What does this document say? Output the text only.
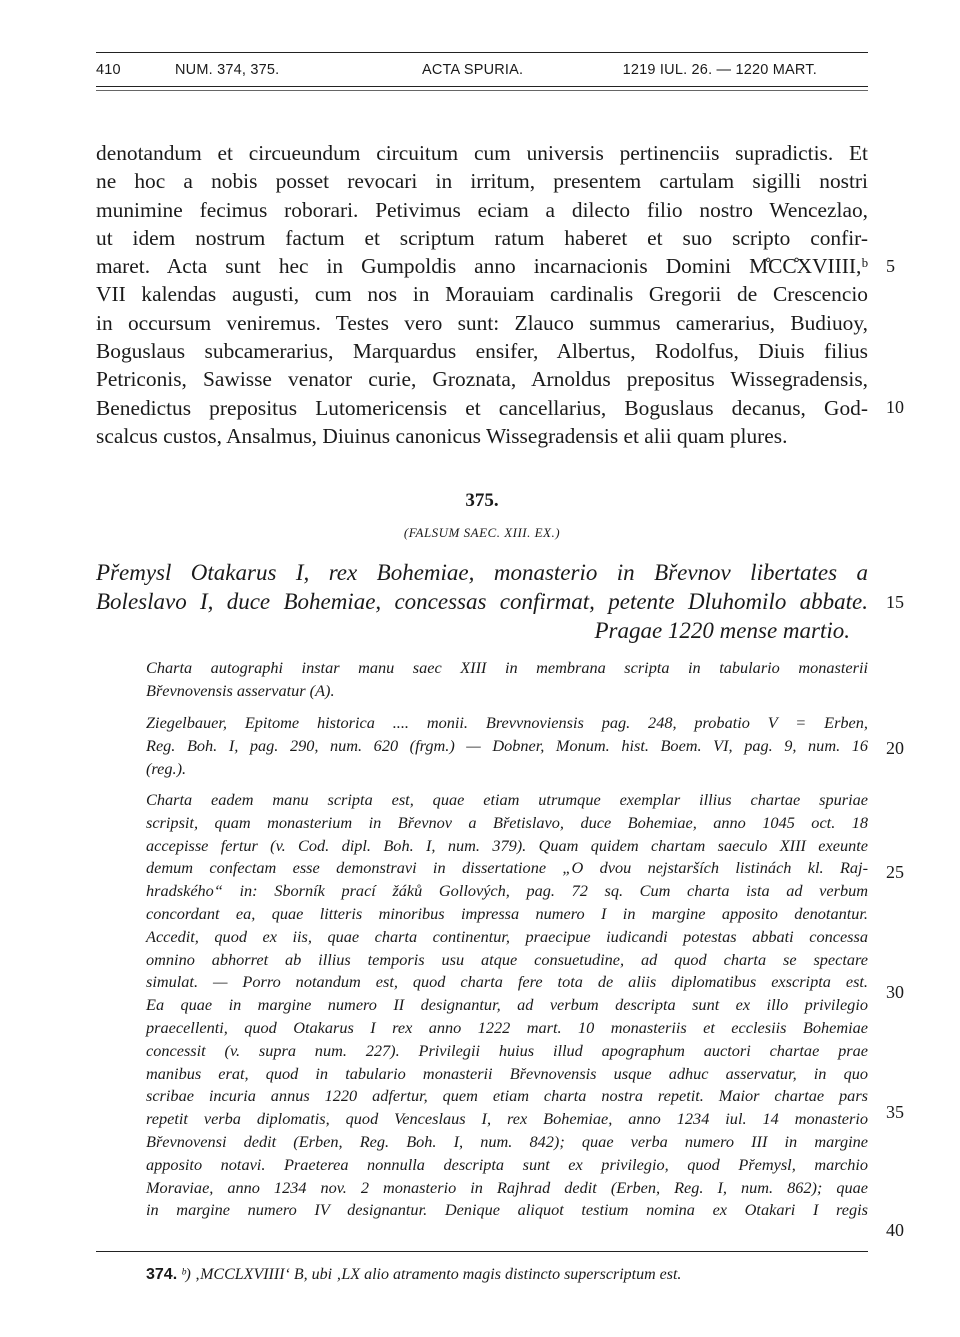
410	NUM. 374, 375.	ACTA SPURIA.	1219 IUL. 26. — 1220 MART.
denotandum et circueundum circuitum cum universis pertinenciis supradictis. Et
ne hoc a nobis posset revocari in irritum, presentem cartulam sigilli nostri
munimine fecimus roborari. Petivimus eciam a dilecto filio nostro Wencezlao,
ut idem nostrum factum et scriptum ratum haberet et suo scripto confir-
maret. Acta sunt hec in Gumpoldis anno incarnacionis Domini M̊CC̊XVIIII,ᵇ
VII kalendas augusti, cum nos in Morauiam cardinalis Gregorii de Crescencio
in occursum veniremus. Testes vero sunt: Zlauco summus camerarius, Budiuoy,
Boguslaus subcamerarius, Marquardus ensifer, Albertus, Rodolfus, Diuis filius
Petriconis, Sawisse venator curie, Groznata, Arnoldus prepositus Wissegradensis,
Benedictus prepositus Lutomericensis et cancellarius, Boguslaus decanus, God-
scalcus custos, Ansalmus, Diuinus canonicus Wissegradensis et alii quam plures.
5
10
375.
(FALSUM SAEC. XIII. EX.)
Přemysl Otakarus I, rex Bohemiae, monasterio in Břevnov libertates a
Boleslavo I, duce Bohemiae, concessas confirmat, petente Dluhomilo abbate.
Pragae 1220 mense martio.
15
Charta autographi instar manu saec XIII in membrana scripta in tabulario monasterii
Břevnovensis asservatur (A).
Ziegelbauer, Epitome historica .... monii. Brevvnoviensis pag. 248, probatio V = Erben,
Reg. Boh. I, pag. 290, num. 620 (frgm.) — Dobner, Monum. hist. Boem. VI, pag. 9, num. 16
(reg.).
Charta eadem manu scripta est, quae etiam utrumque exemplar illius chartae spuriae
scripsit, quam monasterium in Břevnov a Břetislavo, duce Bohemiae, anno 1045 oct. 18
accepisse fertur (v. Cod. dipl. Boh. I, num. 379). Quam quidem chartam saeculo XIII exeunte
demum confectam esse demonstravi in dissertatione „O dvou nejstarších listinách kl. Raj-
hradského“ in: Sborník prací žáků Gollových, pag. 72 sq. Cum charta ista ad verbum
concordant ea, quae litteris minoribus impressa numero I in margine apposito denotantur.
Accedit, quod ex iis, quae charta continentur, praecipue iudicandi potestas abbati concessa
omnino abhorret ab illius temporis usu atque consuetudine, ad quod charta se spectare
simulat. — Porro notandum est, quod charta fere tota de aliis diplomatibus exscripta est.
Ea quae in margine numero II designantur, ad verbum descripta sunt ex illo privilegio
praecellenti, quod Otakarus I rex anno 1222 mart. 10 monasteriis et ecclesiis Bohemiae
concessit (v. supra num. 227). Privilegii huius illud apographum auctori chartae prae
manibus erat, quod in tabulario monasterii Břevnovensis usque adhuc asservatur, in quo
scribae incuria annus 1220 adfertur, quem etiam charta nostra repetit. Maior chartae pars
repetit verba diplomatis, quod Venceslaus I, rex Bohemiae, anno 1234 iul. 14 monasterio
Břevnovensi dedit (Erben, Reg. Boh. I, num. 842); quae verba numero III in margine
apposito notavi. Praeterea nonnulla descripta sunt ex privilegio, quod Přemysl, marchio
Moraviae, anno 1234 nov. 2 monasterio in Rajhrad dedit (Erben, Reg. I, num. 862); quae
in margine numero IV designantur. Denique aliquot testium nomina ex Otakari I regis
20
25
30
35
40
374. ᵇ) ‚MCCLXVIIII‘ B, ubi ‚LX alio atramento magis distincto superscriptum est.
